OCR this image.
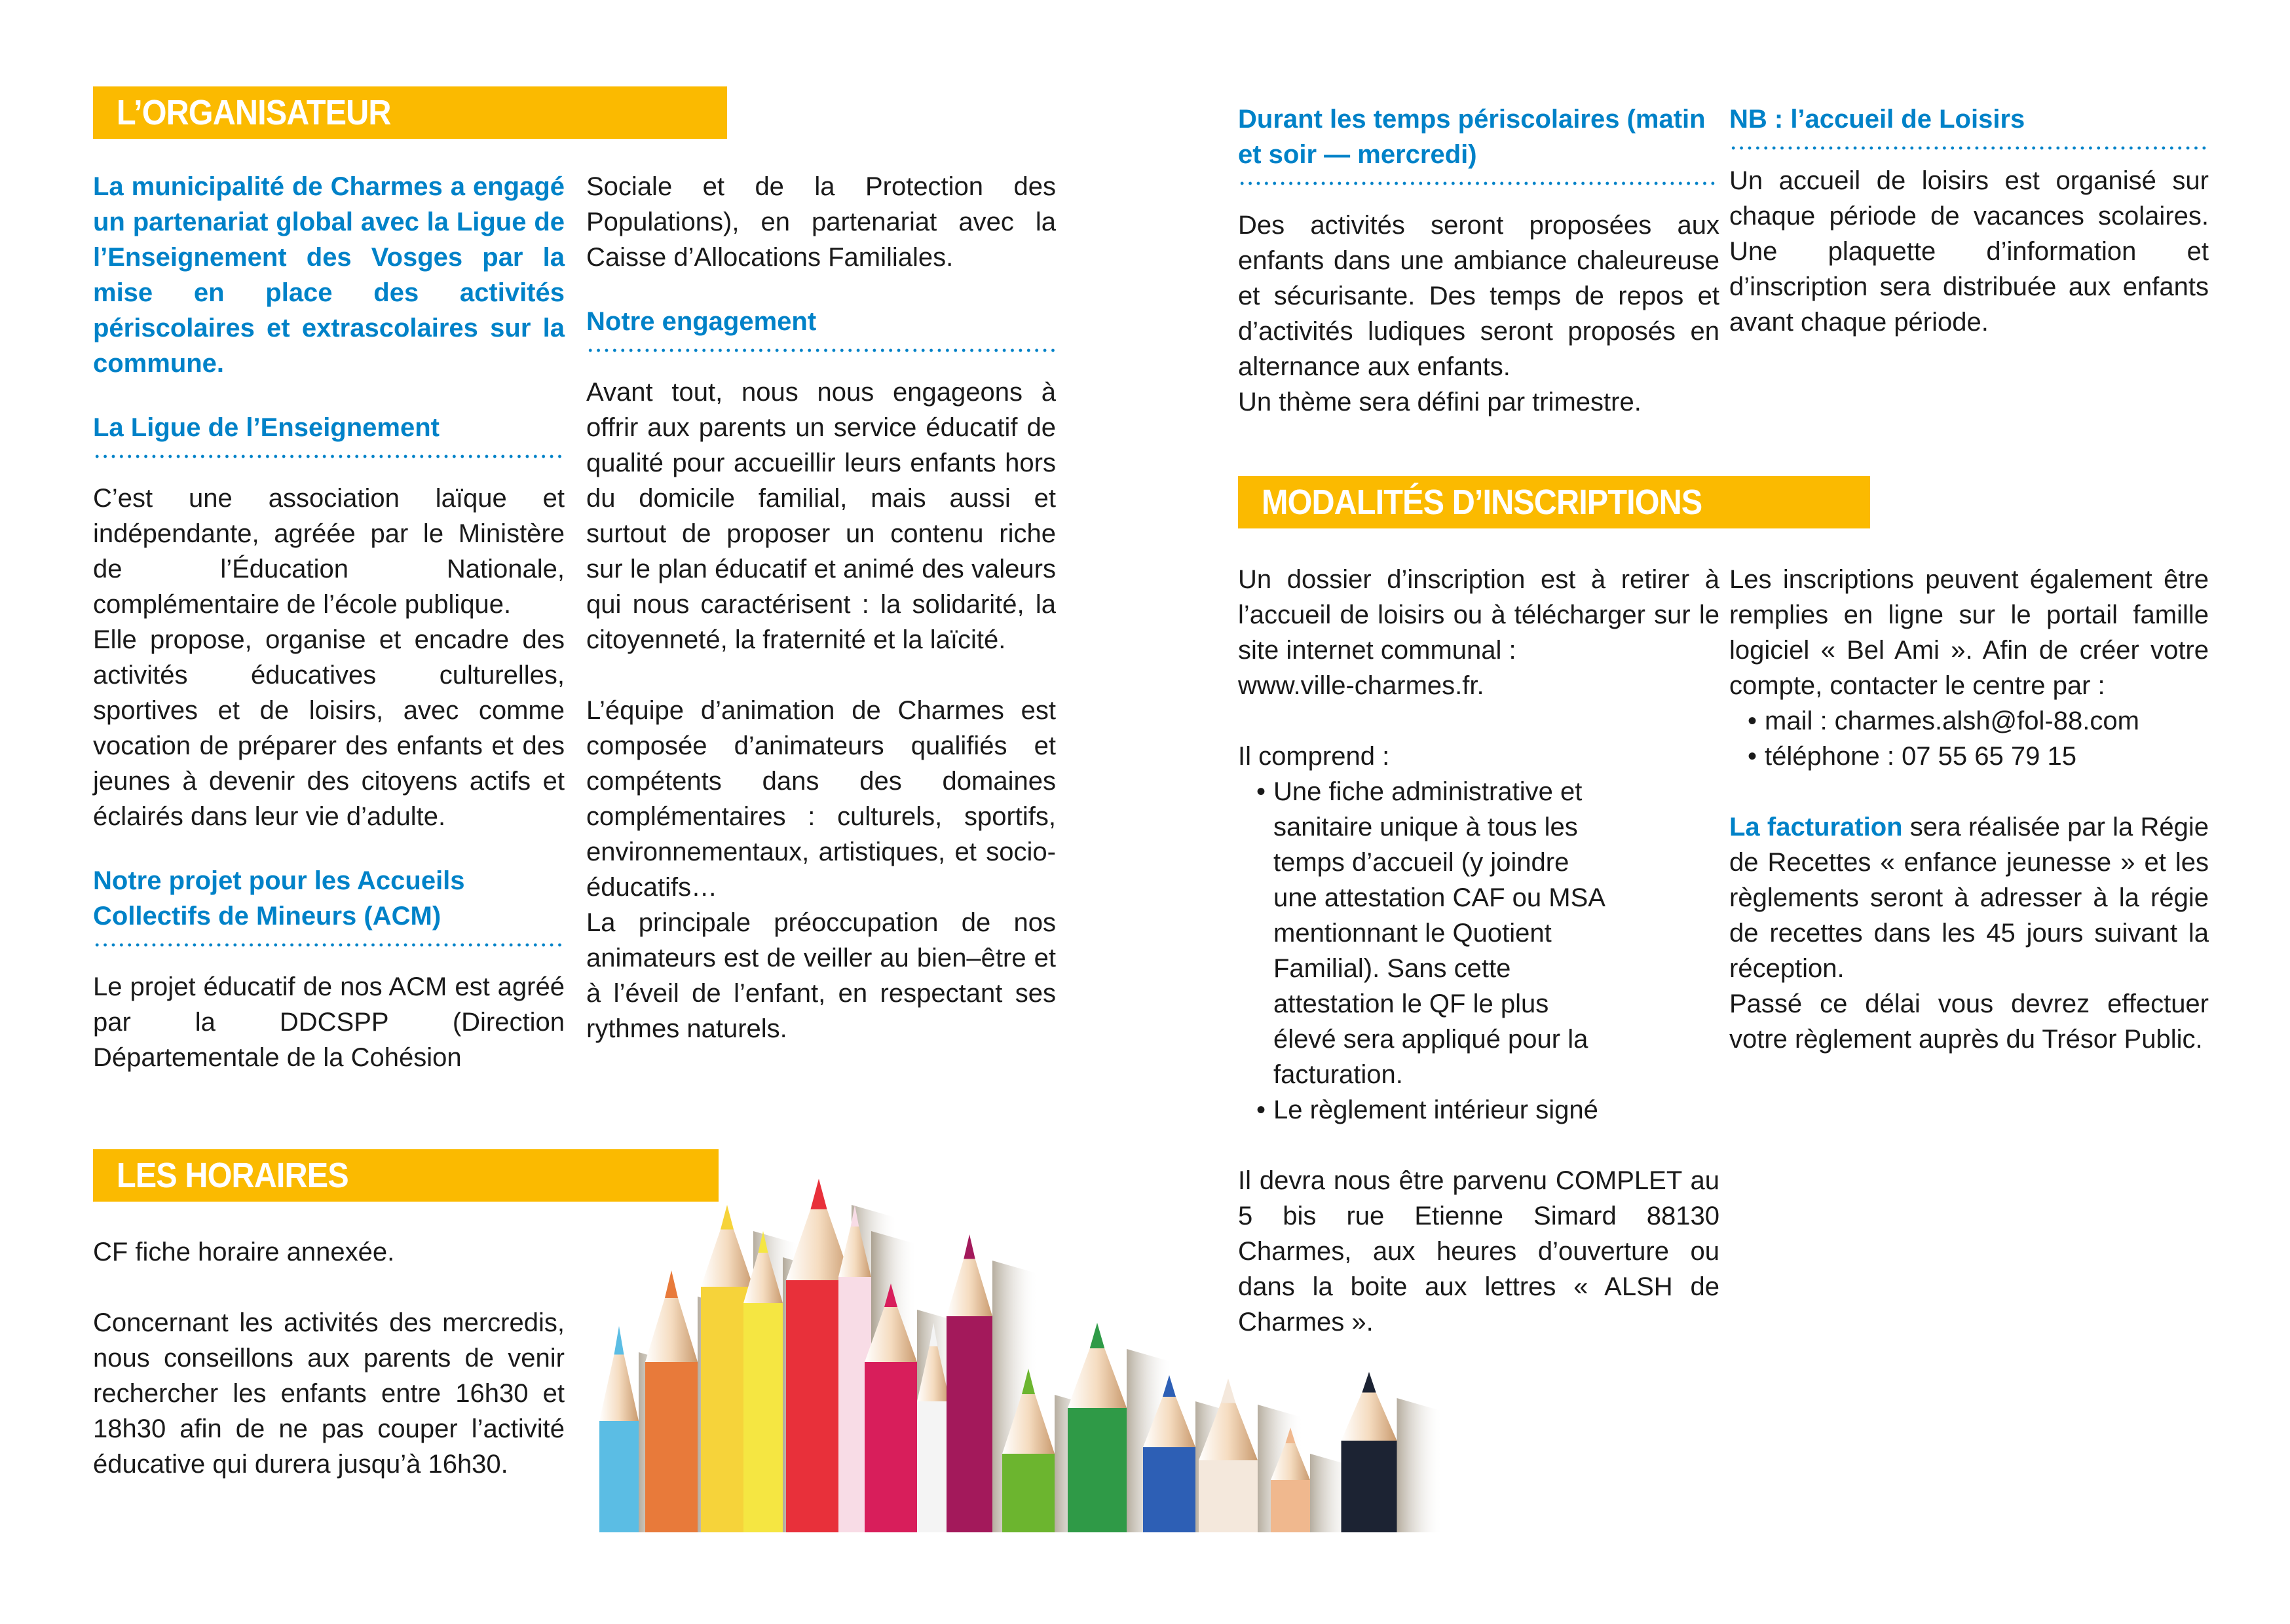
L’ORGANISATEUR
LES HORAIRES
MODALITÉS D’INSCRIPTIONS

La municipalité de Charmes a engagé un partenariat global avec la Ligue de l’Enseignement des Vosges par la mise en place des activités périscolaires et extrascolaires sur la commune.

La Ligue de l’Enseignement

C’est une association laïque et indépendante, agréée par le Ministère de l’Éducation Nationale, complémentaire de l’école publique.

Elle propose, organise et encadre des activités éducatives culturelles, sportives et de loisirs, avec comme vocation de préparer des enfants et des jeunes à devenir des citoyens actifs et éclairés dans leur vie d’adulte.

Notre projet pour les Accueils Collectifs de Mineurs (ACM)

Le projet éducatif de nos ACM est agréé par la DDCSPP (Direction Départementale de la Cohésion

Sociale et de la Protection des Populations), en partenariat avec la Caisse d’Allocations Familiales.

Notre engagement

Avant tout, nous nous engageons à offrir aux parents un service éducatif de qualité pour accueillir leurs enfants hors du domicile familial, mais aussi et surtout de proposer un contenu riche sur le plan éducatif et animé des valeurs qui nous caractérisent : la solidarité, la citoyenneté, la fraternité et la laïcité.

L’équipe d’animation de Charmes est composée d’animateurs qualifiés et compétents dans des domaines complémentaires : culturels, sportifs, environnementaux, artistiques, et socio-éducatifs…

La principale préoccupation de nos animateurs est de veiller au bien–être et à l’éveil de l’enfant, en respectant ses rythmes naturels.

CF fiche horaire annexée.

Concernant les activités des mercredis, nous conseillons aux parents de venir rechercher les enfants entre 16h30 et 18h30 afin de ne pas couper l’activité éducative qui durera jusqu’à 16h30.

Durant les temps périscolaires (matin et soir — mercredi)

Des activités seront proposées aux enfants dans une ambiance chaleureuse et sécurisante. Des temps de repos et d’activités ludiques seront proposés en alternance aux enfants.

Un thème sera défini par trimestre.

NB : l’accueil de Loisirs

Un accueil de loisirs est organisé sur chaque période de vacances scolaires. Une plaquette d’information et d’inscription sera distribuée aux enfants avant chaque période.

Un dossier d’inscription est à retirer à l’accueil de loisirs ou à télécharger sur le site internet communal :

www.ville-charmes.fr.

Il comprend :

• Une fiche administrative et sanitaire unique à tous les temps d’accueil (y joindre une attestation CAF ou MSA mentionnant le Quotient Familial). Sans cette attestation le QF le plus élevé sera appliqué pour la facturation.
• Le règlement intérieur signé

Il devra nous être parvenu COMPLET au 5 bis rue Etienne Simard 88130 Charmes, aux heures d’ouverture ou dans la boite aux lettres « ALSH de Charmes ».

Les inscriptions peuvent également être remplies en ligne sur le portail famille logiciel « Bel Ami ». Afin de créer votre compte, contacter le centre par :

• mail : charmes.alsh@fol-88.com
• téléphone : 07 55 65 79 15

La facturation sera réalisée par la Régie de Recettes « enfance jeunesse » et les règlements seront à adresser à la régie de recettes dans les 45 jours suivant la réception.

Passé ce délai vous devrez effectuer votre règlement auprès du Trésor Public.
